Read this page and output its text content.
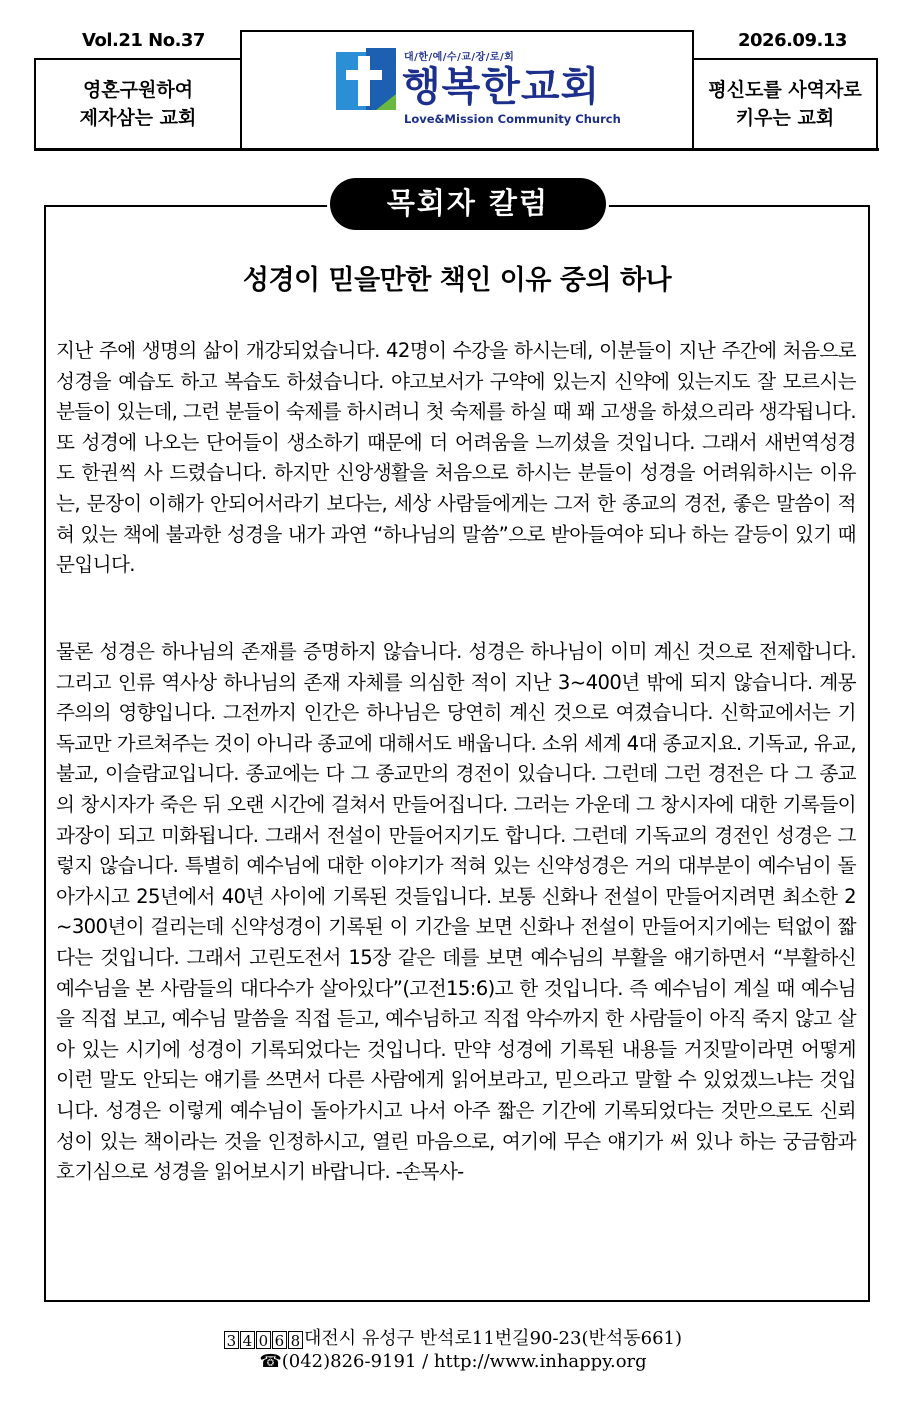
Vol.21 No.37	2026.09.13
영혼구원하여
제자삼는 교회
대/한/예/수/교/장/로/회
행복한교회
Love&Mission Community Church
평신도를 사역자로
키우는 교회
목회자 칼럼
성경이 믿을만한 책인 이유 중의 하나
지난 주에 생명의 삶이 개강되었습니다. 42명이 수강을 하시는데, 이분들이 지난 주간에 처음으로 성경을 예습도 하고 복습도 하셨습니다. 야고보서가 구약에 있는지 신약에 있는지도 잘 모르시는 분들이 있는데, 그런 분들이 숙제를 하시려니 첫 숙제를 하실 때 꽤 고생을 하셨으리라 생각됩니다. 또 성경에 나오는 단어들이 생소하기 때문에 더 어려움을 느끼셨을 것입니다. 그래서 새번역성경도 한권씩 사 드렸습니다. 하지만 신앙생활을 처음으로 하시는 분들이 성경을 어려워하시는 이유는, 문장이 이해가 안되어서라기 보다는, 세상 사람들에게는 그저 한 종교의 경전, 좋은 말씀이 적혀 있는 책에 불과한 성경을 내가 과연 “하나님의 말씀”으로 받아들여야 되나 하는 갈등이 있기 때문입니다.
물론 성경은 하나님의 존재를 증명하지 않습니다. 성경은 하나님이 이미 계신 것으로 전제합니다. 그리고 인류 역사상 하나님의 존재 자체를 의심한 적이 지난 3~400년 밖에 되지 않습니다. 계몽주의의 영향입니다. 그전까지 인간은 하나님은 당연히 계신 것으로 여겼습니다. 신학교에서는 기독교만 가르쳐주는 것이 아니라 종교에 대해서도 배웁니다. 소위 세계 4대 종교지요. 기독교, 유교, 불교, 이슬람교입니다. 종교에는 다 그 종교만의 경전이 있습니다. 그런데 그런 경전은 다 그 종교의 창시자가 죽은 뒤 오랜 시간에 걸쳐서 만들어집니다. 그러는 가운데 그 창시자에 대한 기록들이 과장이 되고 미화됩니다. 그래서 전설이 만들어지기도 합니다. 그런데 기독교의 경전인 성경은 그렇지 않습니다. 특별히 예수님에 대한 이야기가 적혀 있는 신약성경은 거의 대부분이 예수님이 돌아가시고 25년에서 40년 사이에 기록된 것들입니다. 보통 신화나 전설이 만들어지려면 최소한 2~300년이 걸리는데 신약성경이 기록된 이 기간을 보면 신화나 전설이 만들어지기에는 턱없이 짧다는 것입니다. 그래서 고린도전서 15장 같은 데를 보면 예수님의 부활을 얘기하면서 “부활하신 예수님을 본 사람들의 대다수가 살아있다”(고전15:6)고 한 것입니다. 즉 예수님이 계실 때 예수님을 직접 보고, 예수님 말씀을 직접 듣고, 예수님하고 직접 악수까지 한 사람들이 아직 죽지 않고 살아 있는 시기에 성경이 기록되었다는 것입니다. 만약 성경에 기록된 내용들 거짓말이라면 어떻게 이런 말도 안되는 얘기를 쓰면서 다른 사람에게 읽어보라고, 믿으라고 말할 수 있었겠느냐는 것입니다. 성경은 이렇게 예수님이 돌아가시고 나서 아주 짧은 기간에 기록되었다는 것만으로도 신뢰성이 있는 책이라는 것을 인정하시고, 열린 마음으로, 여기에 무슨 얘기가 써 있나 하는 궁금함과 호기심으로 성경을 읽어보시기 바랍니다. -손목사-
3 4 0 6 8 대전시 유성구 반석로11번길90-23(반석동661)
☎(042)826-9191 / http://www.inhappy.org
